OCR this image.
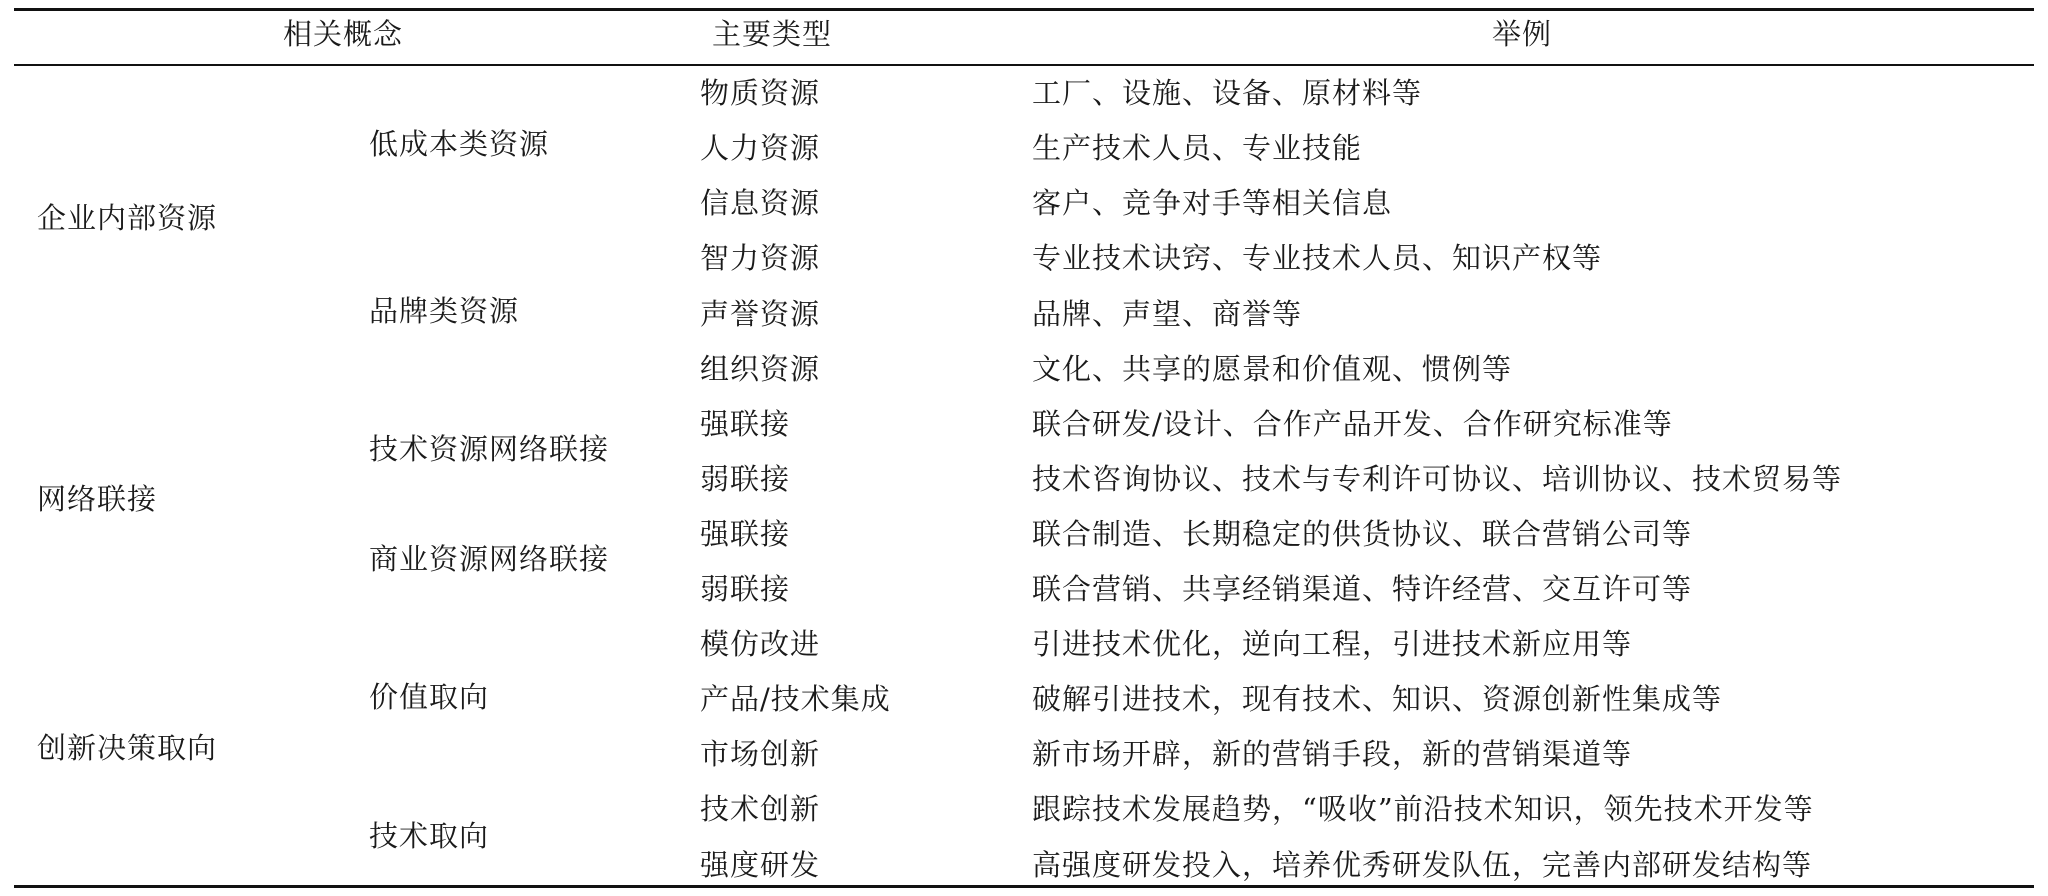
相关概念	主要类型	举例
企业内部资源
网络联接
创新决策取向
低成本类资源
品牌类资源
技术资源网络联接
商业资源网络联接
价值取向
技术取向
物质资源
人力资源
信息资源
智力资源
声誉资源
组织资源
强联接
弱联接
强联接
弱联接
模仿改进
产品/技术集成
市场创新
技术创新
强度研发
工厂、设施、设备、原材料等
生产技术人员、专业技能
客户、竞争对手等相关信息
专业技术诀窍、专业技术人员、知识产权等
品牌、声望、商誉等
文化、共享的愿景和价值观、惯例等
联合研发/设计、合作产品开发、合作研究标准等
技术咨询协议、技术与专利许可协议、培训协议、技术贸易等
联合制造、长期稳定的供货协议、联合营销公司等
联合营销、共享经销渠道、特许经营、交互许可等
引进技术优化，逆向工程，引进技术新应用等
破解引进技术，现有技术、知识、资源创新性集成等
新市场开辟，新的营销手段，新的营销渠道等
跟踪技术发展趋势，“吸收”前沿技术知识，领先技术开发等
高强度研发投入，培养优秀研发队伍，完善内部研发结构等
